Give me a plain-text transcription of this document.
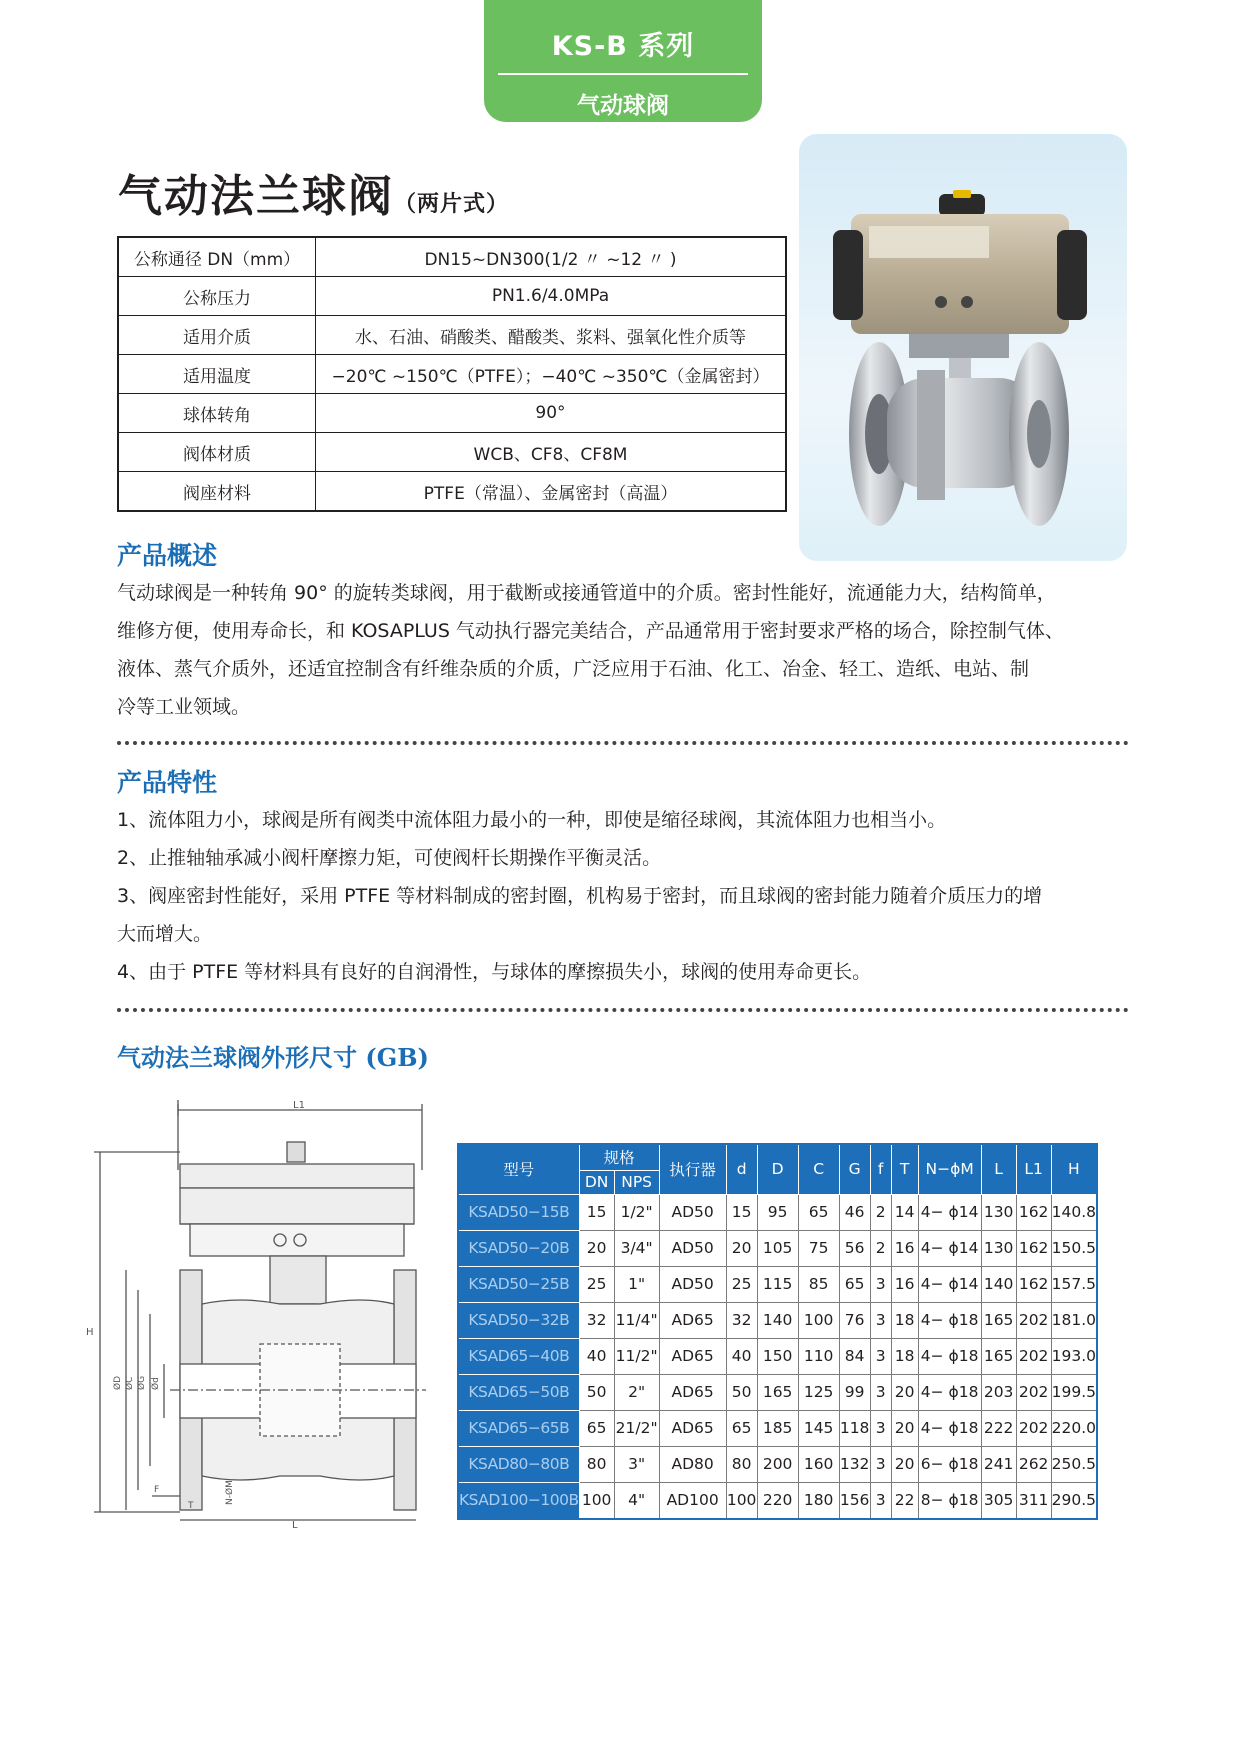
KS-B 系列
气动球阀
气动法兰球阀（两片式）
公称通径 DN（mm）	DN15~DN300(1/2 〃 ~12 〃 )
公称压力	PN1.6/4.0MPa
适用介质	水、石油、硝酸类、醋酸类、浆料、强氧化性介质等
适用温度	−20℃ ~150℃（PTFE）；−40℃ ~350℃（金属密封）
球体转角	90°
阀体材质	WCB、CF8、CF8M
阀座材料	PTFE（常温）、金属密封（高温）
产品概述

气动球阀是一种转角 90° 的旋转类球阀，用于截断或接通管道中的介质。密封性能好，流通能力大，结构简单，

维修方便，使用寿命长，和 KOSAPLUS 气动执行器完美结合，产品通常用于密封要求严格的场合，除控制气体、

液体、蒸气介质外，还适宜控制含有纤维杂质的介质，广泛应用于石油、化工、冶金、轻工、造纸、电站、制

冷等工业领域。

产品特性

1、流体阻力小，球阀是所有阀类中流体阻力最小的一种，即使是缩径球阀，其流体阻力也相当小。

2、止推轴轴承减小阀杆摩擦力矩，可使阀杆长期操作平衡灵活。

3、阀座密封性能好，采用 PTFE 等材料制成的密封圈，机构易于密封，而且球阀的密封能力随着介质压力的增

大而增大。

4、由于 PTFE 等材料具有良好的自润滑性，与球体的摩擦损失小，球阀的使用寿命更长。

气动法兰球阀外形尺寸 (GB)
L1
H
ØD ØC ØG Ød
L
F
T
N-ØM
型号	规格		执行器	d	D	C	G	f	T	N−ϕM	L	L1	H
	DN	NPS											
KSAD50−15B	15	1/2"	AD50	15	95	65	46	2	14	4− ϕ14	130	162	140.8
KSAD50−20B	20	3/4"	AD50	20	105	75	56	2	16	4− ϕ14	130	162	150.5
KSAD50−25B	25	1"	AD50	25	115	85	65	3	16	4− ϕ14	140	162	157.5
KSAD50−32B	32	11/4"	AD65	32	140	100	76	3	18	4− ϕ18	165	202	181.0
KSAD65−40B	40	11/2"	AD65	40	150	110	84	3	18	4− ϕ18	165	202	193.0
KSAD65−50B	50	2"	AD65	50	165	125	99	3	20	4− ϕ18	203	202	199.5
KSAD65−65B	65	21/2"	AD65	65	185	145	118	3	20	4− ϕ18	222	202	220.0
KSAD80−80B	80	3"	AD80	80	200	160	132	3	20	6− ϕ18	241	262	250.5
KSAD100−100B	100	4"	AD100	100	220	180	156	3	22	8− ϕ18	305	311	290.5
